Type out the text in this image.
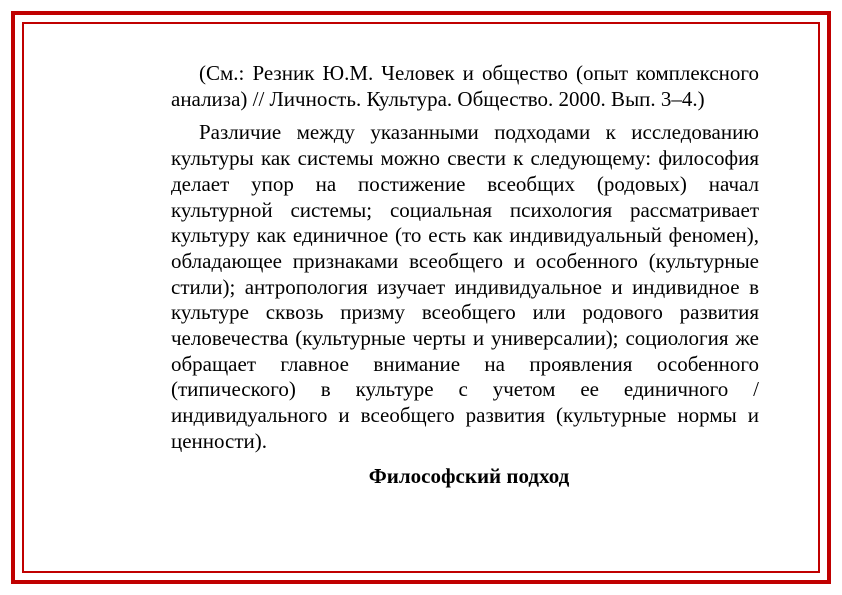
(См.: Резник Ю.М. Человек и общество (опыт комплексного анализа) // Личность. Культура. Общество. 2000. Вып. 3–4.)

Различие между указанными подходами к исследованию культуры как системы можно свести к следующему: философия делает упор на постижение всеобщих (родовых) начал культурной системы; социальная психология рассматривает культуру как единичное (то есть как индивидуальный феномен), обладающее признаками всеобщего и особенного (культурные стили); антропология изучает индивидуальное и индивидное в культуре сквозь призму всеобщего или родового развития человечества (культурные черты и универсалии); социология же обращает главное внимание на проявления особенного (типического) в культуре с учетом ее единичного /индивидуального и всеобщего развития (культурные нормы и ценности).

Философский подход
